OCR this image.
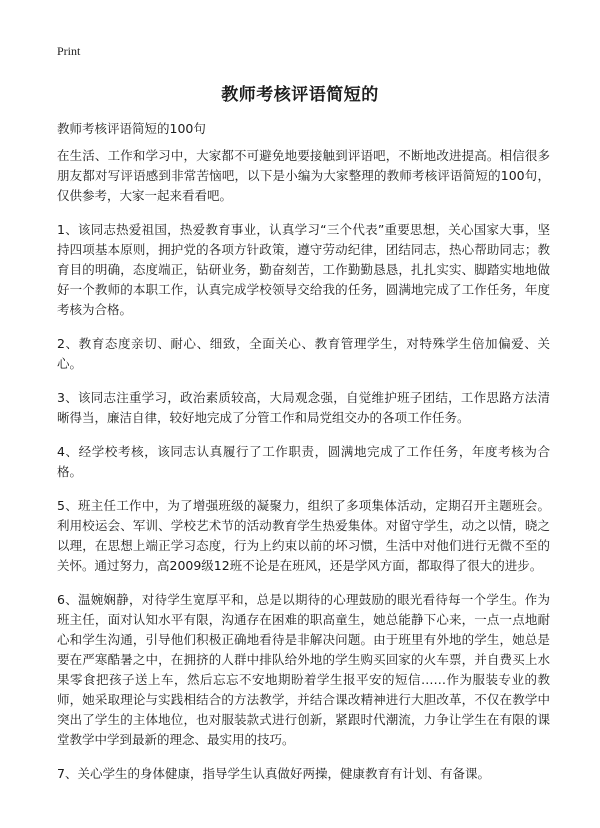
Print
教师考核评语简短的

教师考核评语简短的100句

在生活、工作和学习中，大家都不可避免地要接触到评语吧，不断地改进提高。相信很多朋友都对写评语感到非常苦恼吧，以下是小编为大家整理的教师考核评语简短的100句，仅供参考，大家一起来看看吧。

1、该同志热爱祖国，热爱教育事业，认真学习“三个代表”重要思想，关心国家大事，坚持四项基本原则，拥护党的各项方针政策，遵守劳动纪律，团结同志，热心帮助同志；教育目的明确，态度端正，钻研业务，勤奋刻苦，工作勤勤恳恳，扎扎实实、脚踏实地地做好一个教师的本职工作，认真完成学校领导交给我的任务，圆满地完成了工作任务，年度考核为合格。

2、教育态度亲切、耐心、细致，全面关心、教育管理学生，对特殊学生倍加偏爱、关心。

3、该同志注重学习，政治素质较高，大局观念强，自觉维护班子团结，工作思路方法清晰得当，廉洁自律，较好地完成了分管工作和局党组交办的各项工作任务。

4、经学校考核，该同志认真履行了工作职责，圆满地完成了工作任务，年度考核为合格。

5、班主任工作中，为了增强班级的凝聚力，组织了多项集体活动，定期召开主题班会。利用校运会、军训、学校艺术节的活动教育学生热爱集体。对留守学生，动之以情，晓之以理，在思想上端正学习态度，行为上约束以前的坏习惯，生活中对他们进行无微不至的关怀。通过努力，高2009级12班不论是在班风，还是学风方面，都取得了很大的进步。

6、温婉娴静，对待学生宽厚平和，总是以期待的心理鼓励的眼光看待每一个学生。作为班主任，面对认知水平有限，沟通存在困难的职高童生，她总能静下心来，一点一点地耐心和学生沟通，引导他们积极正确地看待是非解决问题。由于班里有外地的学生，她总是要在严寒酷暑之中，在拥挤的人群中排队给外地的学生购买回家的火车票，并自费买上水果零食把孩子送上车，然后忘忘不安地期盼着学生报平安的短信……作为服装专业的教师，她采取理论与实践相结合的方法教学，并结合课改精神进行大胆改革，不仅在教学中突出了学生的主体地位，也对服装款式进行创新，紧跟时代潮流，力争让学生在有限的课堂教学中学到最新的理念、最实用的技巧。

7、关心学生的身体健康，指导学生认真做好两操，健康教育有计划、有备课。
